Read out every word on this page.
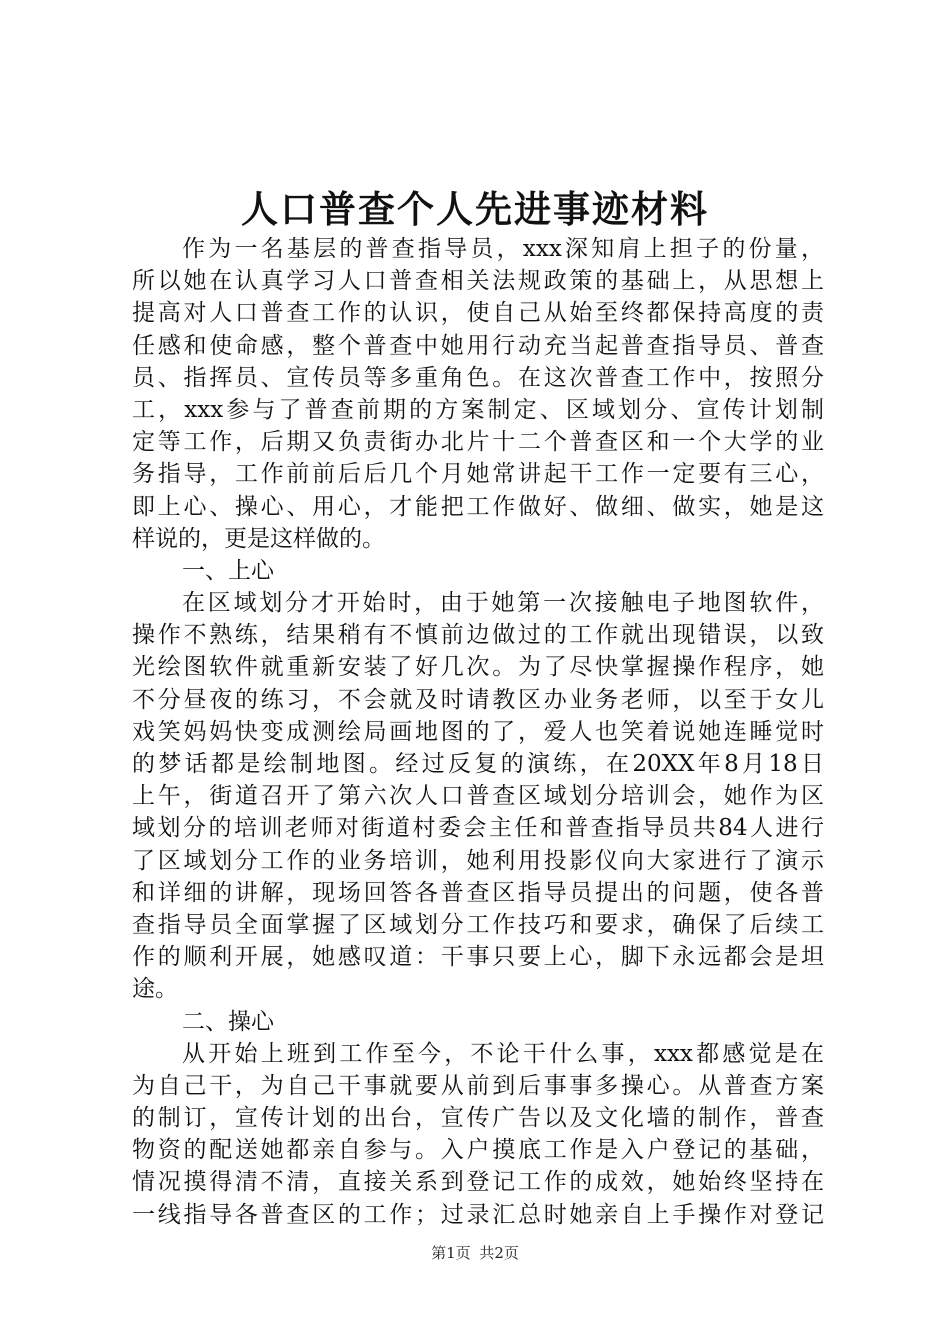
人口普查个人先进事迹材料
作为一名基层的普查指导员，xxx深知肩上担子的份量，
所以她在认真学习人口普查相关法规政策的基础上，从思想上
提高对人口普查工作的认识，使自己从始至终都保持高度的责
任感和使命感，整个普查中她用行动充当起普查指导员、普查
员、指挥员、宣传员等多重角色。在这次普查工作中，按照分
工，xxx参与了普查前期的方案制定、区域划分、宣传计划制
定等工作，后期又负责街办北片十二个普查区和一个大学的业
务指导，工作前前后后几个月她常讲起干工作一定要有三心，
即上心、操心、用心，才能把工作做好、做细、做实，她是这
样说的，更是这样做的。
一、上心
在区域划分才开始时，由于她第一次接触电子地图软件，
操作不熟练，结果稍有不慎前边做过的工作就出现错误，以致
光绘图软件就重新安装了好几次。为了尽快掌握操作程序，她
不分昼夜的练习，不会就及时请教区办业务老师，以至于女儿
戏笑妈妈快变成测绘局画地图的了，爱人也笑着说她连睡觉时
的梦话都是绘制地图。经过反复的演练，在20XX年8月18日
上午，街道召开了第六次人口普查区域划分培训会，她作为区
域划分的培训老师对街道村委会主任和普查指导员共84人进行
了区域划分工作的业务培训，她利用投影仪向大家进行了演示
和详细的讲解，现场回答各普查区指导员提出的问题，使各普
查指导员全面掌握了区域划分工作技巧和要求，确保了后续工
作的顺利开展，她感叹道：干事只要上心，脚下永远都会是坦
途。
二、操心
从开始上班到工作至今，不论干什么事，xxx都感觉是在
为自己干，为自己干事就要从前到后事事多操心。从普查方案
的制订，宣传计划的出台，宣传广告以及文化墙的制作，普查
物资的配送她都亲自参与。入户摸底工作是入户登记的基础，
情况摸得清不清，直接关系到登记工作的成效，她始终坚持在
一线指导各普查区的工作；过录汇总时她亲自上手操作对登记
第1页 共2页
